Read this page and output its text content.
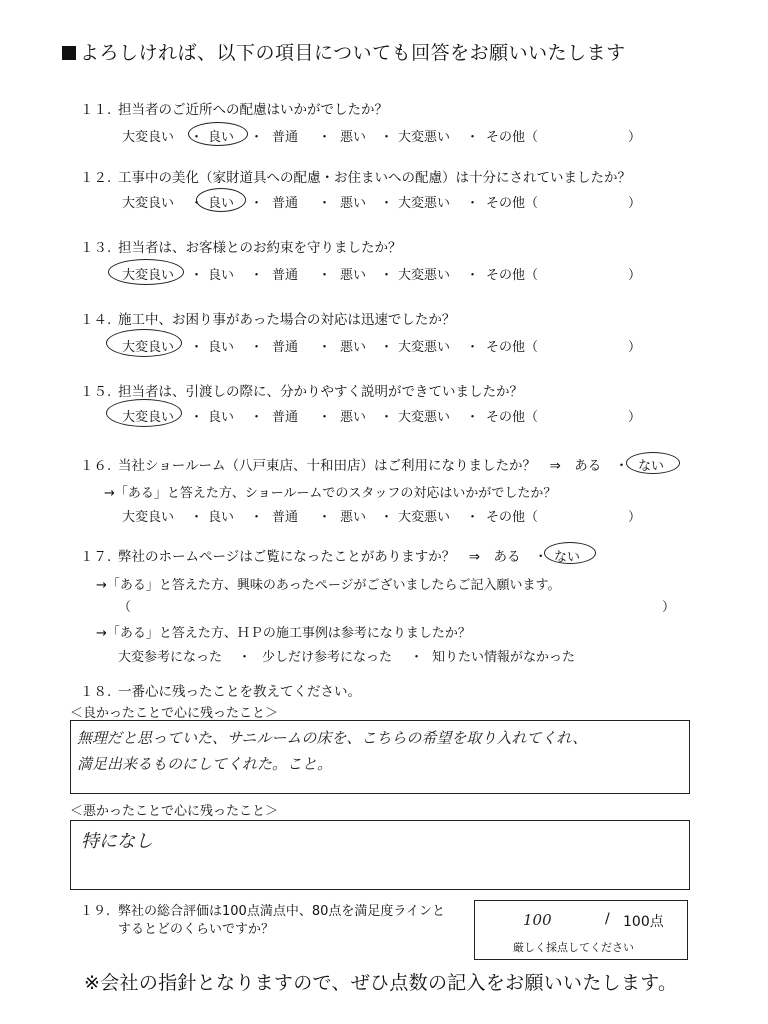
よろしければ、以下の項目についても回答をお願いいたします
１１. 担当者のご近所への配慮はいかがでしたか？
大変良い ・ 良い ・ 普通 ・ 悪い ・ 大変悪い ・ その他（	）
１２. 工事中の美化（家財道具への配慮・お住まいへの配慮）は十分にされていましたか？
大変良い ・ 良い ・ 普通 ・ 悪い ・ 大変悪い ・ その他（	）
１３. 担当者は、お客様とのお約束を守りましたか？
大変良い ・ 良い ・ 普通 ・ 悪い ・ 大変悪い ・ その他（	）
１４. 施工中、お困り事があった場合の対応は迅速でしたか？
大変良い ・ 良い ・ 普通 ・ 悪い ・ 大変悪い ・ その他（	）
１５. 担当者は、引渡しの際に、分かりやすく説明ができていましたか？
大変良い ・ 良い ・ 普通 ・ 悪い ・ 大変悪い ・ その他（	）
１６. 当社ショールーム（八戸東店、十和田店）はご利用になりましたか？　⇒　ある　・ ない
→「ある」と答えた方、ショールームでのスタッフの対応はいかがでしたか？
大変良い ・ 良い ・ 普通 ・ 悪い ・ 大変悪い ・ その他（	）
１７. 弊社のホームページはご覧になったことがありますか？　⇒　ある　・ ない
→「ある」と答えた方、興味のあったページがございましたらご記入願います。
（	）
→「ある」と答えた方、ＨＰの施工事例は参考になりましたか？
大変参考になった ・ 少しだけ参考になった ・ 知りたい情報がなかった
１８. 一番心に残ったことを教えてください。
＜良かったことで心に残ったこと＞
無理だと思っていた、サニルームの床を、こちらの希望を取り入れてくれ、
満足出来るものにしてくれた。こと。
＜悪かったことで心に残ったこと＞
特になし
１９. 弊社の総合評価は100点満点中、80点を満足度ラインと
するとどのくらいですか？
100	/ 100点
厳しく採点してください
※会社の指針となりますので、ぜひ点数の記入をお願いいたします。
